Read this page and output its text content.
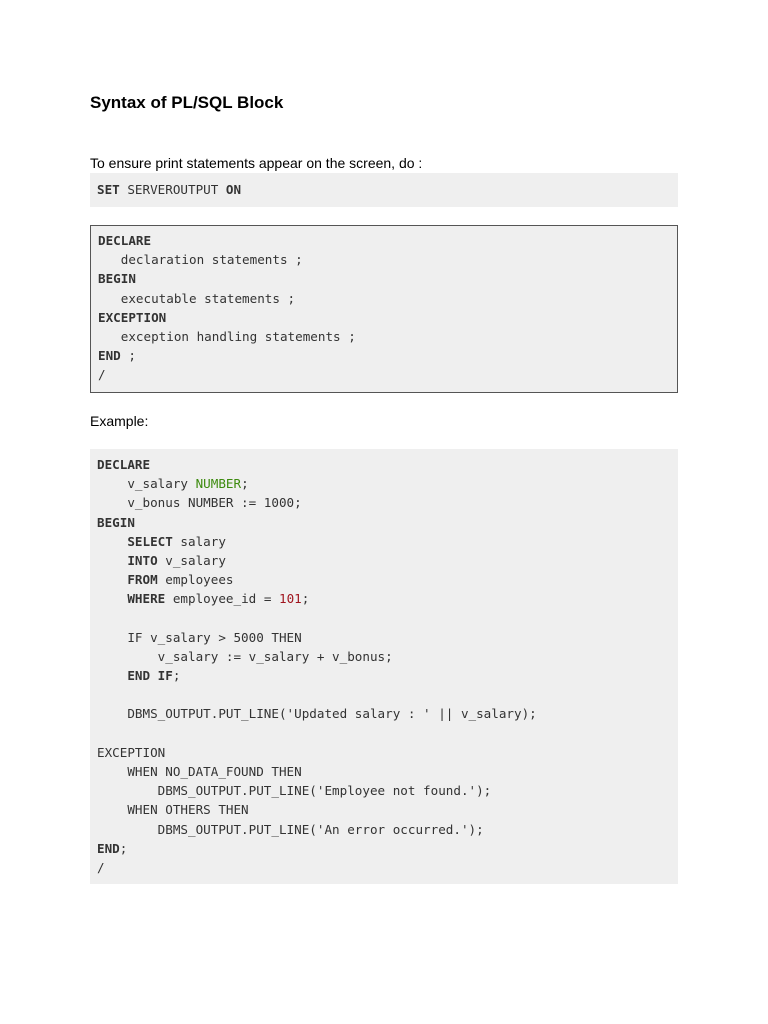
Syntax of PL/SQL Block

To ensure print statements appear on the screen, do :

SET SERVEROUTPUT ON
DECLARE
declaration statements ;
BEGIN
executable statements ;
EXCEPTION
exception handling statements ;
END ;
/

Example:

DECLARE
v_salary NUMBER;
v_bonus NUMBER := 1000;
BEGIN
SELECT salary
INTO v_salary
FROM employees
WHERE employee_id = 101;
IF v_salary > 5000 THEN
v_salary := v_salary + v_bonus;
END IF;
DBMS_OUTPUT.PUT_LINE('Updated salary : ' || v_salary);
EXCEPTION
WHEN NO_DATA_FOUND THEN
DBMS_OUTPUT.PUT_LINE('Employee not found.');
WHEN OTHERS THEN
DBMS_OUTPUT.PUT_LINE('An error occurred.');
END;
/
